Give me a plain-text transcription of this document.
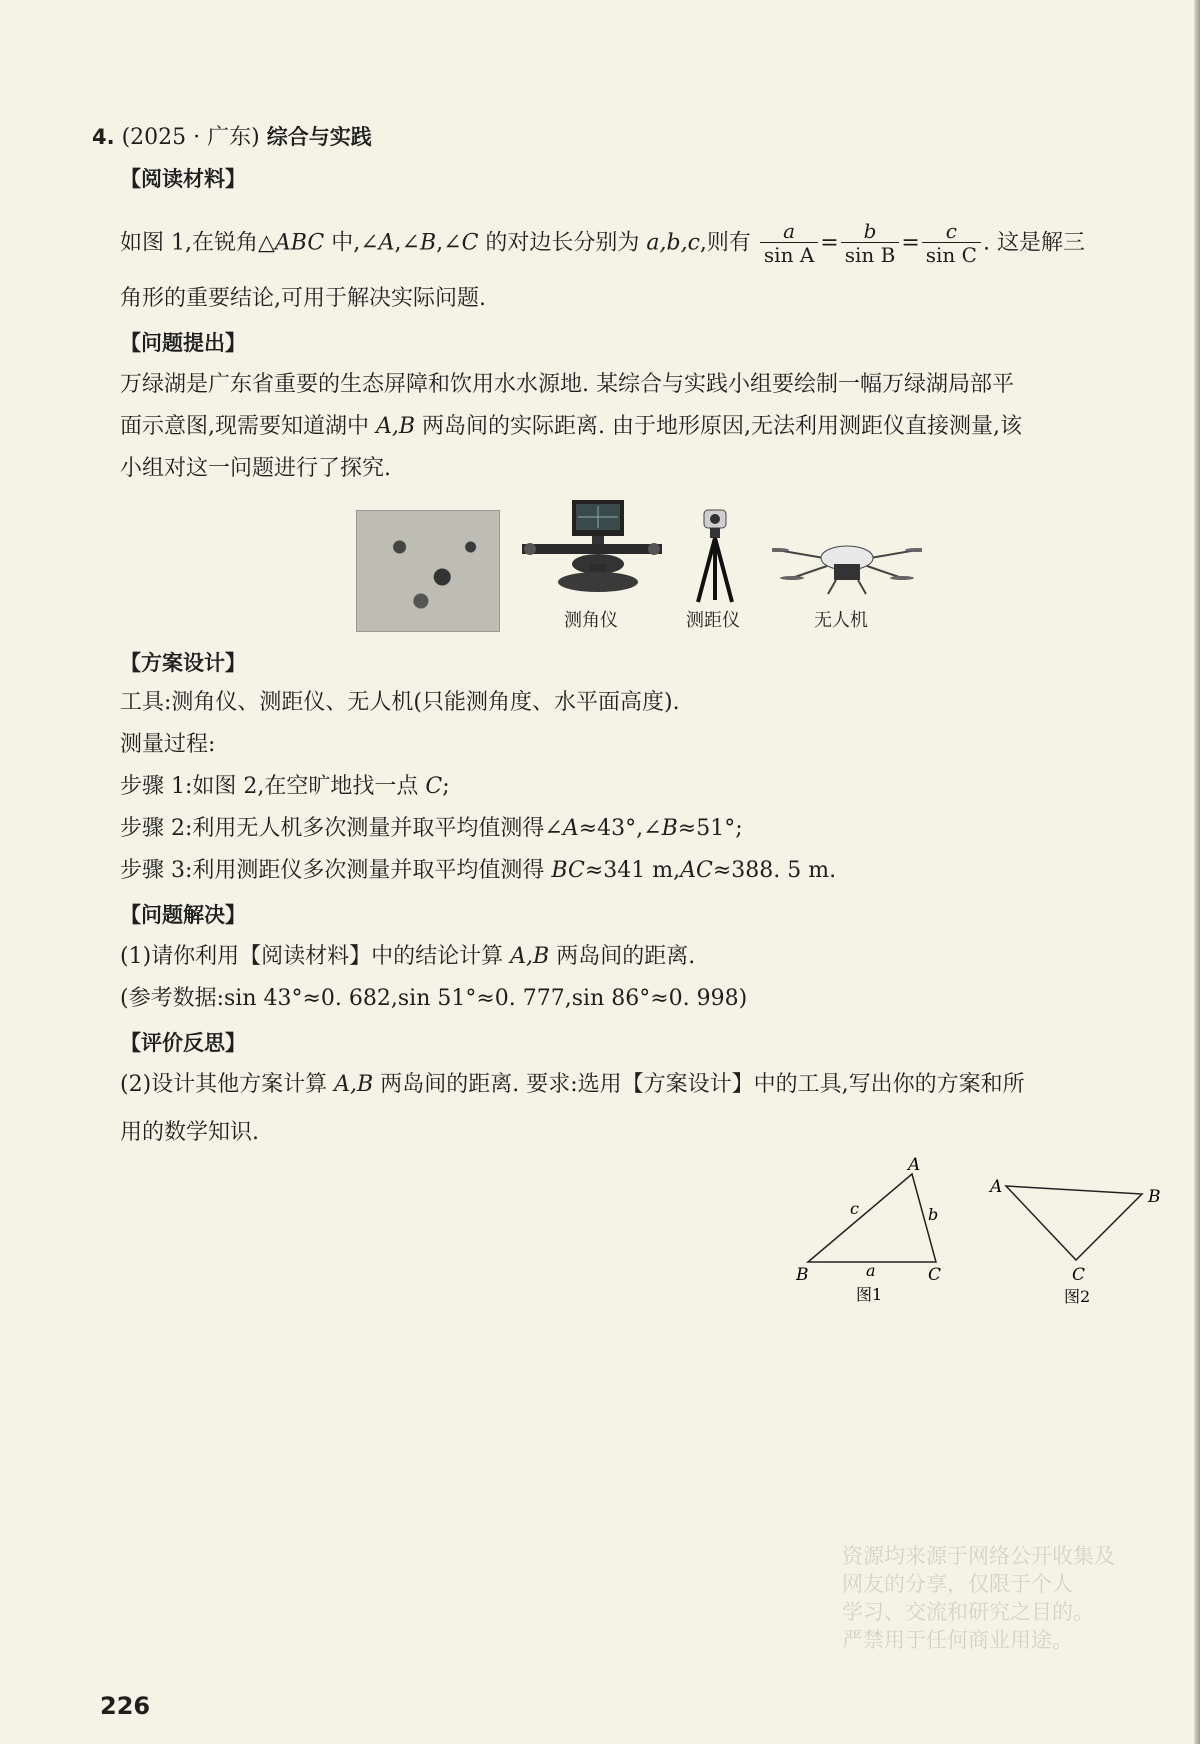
4. (2025 · 广东) 综合与实践
【阅读材料】
如图 1,在锐角△ABC 中,∠A,∠B,∠C 的对边长分别为 a,b,c,则有 $\frac{a}{\text{sin A}} = \frac{b}{\text{sin B}} = \frac{c}{\text{sin C}}$ . 这是解三
角形的重要结论,可用于解决实际问题.
【问题提出】
万绿湖是广东省重要的生态屏障和饮用水水源地. 某综合与实践小组要绘制一幅万绿湖局部平
面示意图,现需要知道湖中 A,B 两岛间的实际距离. 由于地形原因,无法利用测距仪直接测量,该
小组对这一问题进行了探究.
测角仪	测距仪	无人机
【方案设计】
工具:测角仪、测距仪、无人机(只能测角度、水平面高度).
测量过程:
步骤 1:如图 2,在空旷地找一点 C;
步骤 2:利用无人机多次测量并取平均值测得∠A≈43°,∠B≈51°;
步骤 3:利用测距仪多次测量并取平均值测得 BC≈341 m,AC≈388. 5 m.
【问题解决】
(1)请你利用【阅读材料】中的结论计算 A,B 两岛间的距离.
(参考数据:sin 43°≈0. 682,sin 51°≈0. 777,sin 86°≈0. 998)
【评价反思】
(2)设计其他方案计算 A,B 两岛间的距离. 要求:选用【方案设计】中的工具,写出你的方案和所
用的数学知识.
A
B	C
a
b
c
图1
A	B
C
图2
资源均来源于网络公开收集及
网友的分享，仅限于个人
学习、交流和研究之目的。
严禁用于任何商业用途。
226
